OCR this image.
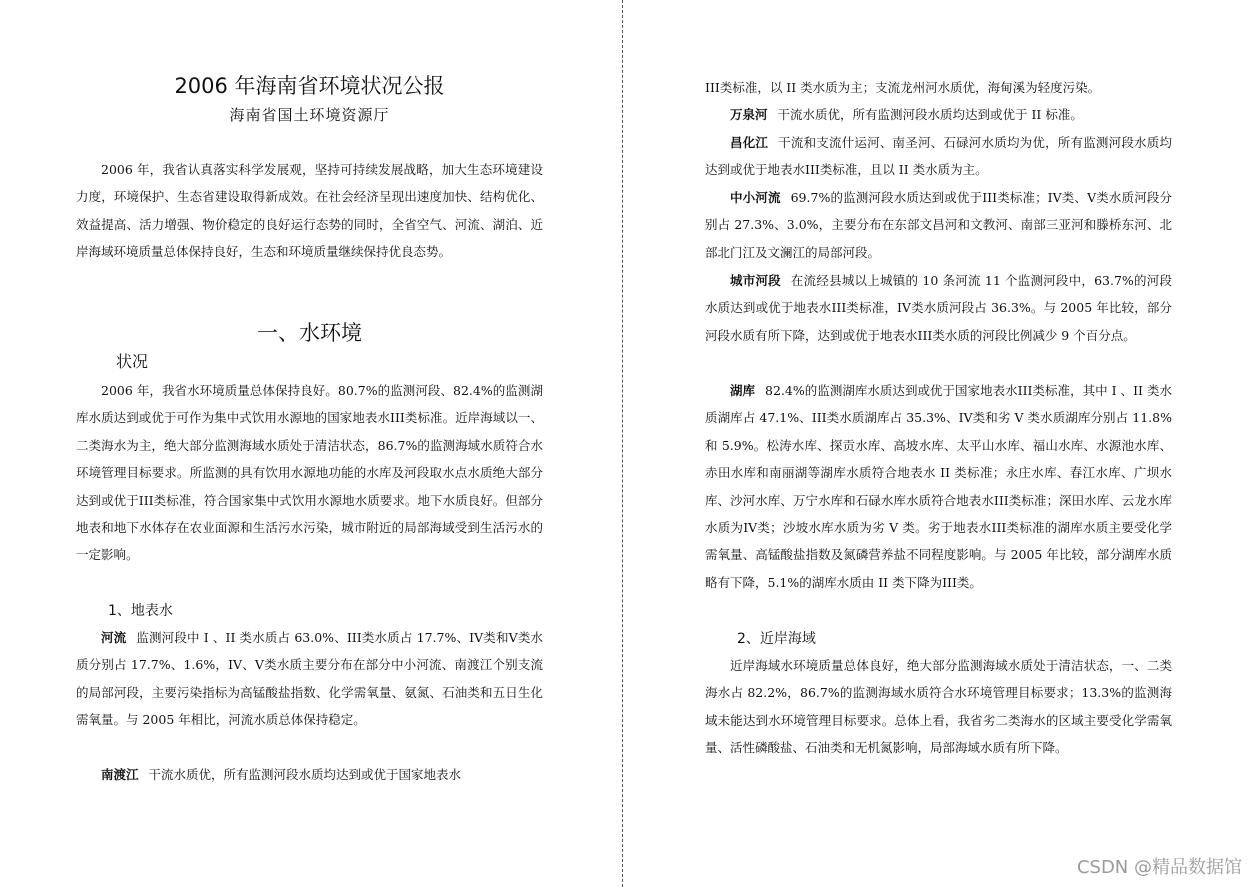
2006 年海南省环境状况公报
海南省国土环境资源厅

2006 年，我省认真落实科学发展观，坚持可持续发展战略，加大生态环境建设力度，环境保护、生态省建设取得新成效。在社会经济呈现出速度加快、结构优化、效益提高、活力增强、物价稳定的良好运行态势的同时，全省空气、河流、湖泊、近岸海域环境质量总体保持良好，生态和环境质量继续保持优良态势。

一、水环境
状况

2006 年，我省水环境质量总体保持良好。80.7%的监测河段、82.4%的监测湖库水质达到或优于可作为集中式饮用水源地的国家地表水III类标准。近岸海域以一、二类海水为主，绝大部分监测海域水质处于清洁状态，86.7%的监测海域水质符合水环境管理目标要求。所监测的具有饮用水源地功能的水库及河段取水点水质绝大部分达到或优于III类标准，符合国家集中式饮用水源地水质要求。地下水质良好。但部分地表和地下水体存在农业面源和生活污水污染，城市附近的局部海域受到生活污水的一定影响。

1、地表水

河流 监测河段中 I 、II 类水质占 63.0%、III类水质占 17.7%、IV类和V类水质分别占 17.7%、1.6%，IV、V类水质主要分布在部分中小河流、南渡江个别支流的局部河段，主要污染指标为高锰酸盐指数、化学需氧量、氨氮、石油类和五日生化需氧量。与 2005 年相比，河流水质总体保持稳定。

南渡江 干流水质优，所有监测河段水质均达到或优于国家地表水

III类标准，以 II 类水质为主；支流龙州河水质优，海甸溪为轻度污染。

万泉河 干流水质优，所有监测河段水质均达到或优于 II 标准。

昌化江 干流和支流什运河、南圣河、石碌河水质均为优，所有监测河段水质均达到或优于地表水III类标准，且以 II 类水质为主。

中小河流 69.7%的监测河段水质达到或优于III类标准；IV类、V类水质河段分别占 27.3%、3.0%，主要分布在东部文昌河和文教河、南部三亚河和滕桥东河、北部北门江及文澜江的局部河段。

城市河段 在流经县城以上城镇的 10 条河流 11 个监测河段中，63.7%的河段水质达到或优于地表水III类标准，IV类水质河段占 36.3%。与 2005 年比较，部分河段水质有所下降，达到或优于地表水III类水质的河段比例减少 9 个百分点。

湖库 82.4%的监测湖库水质达到或优于国家地表水III类标准，其中 I 、II 类水质湖库占 47.1%、III类水质湖库占 35.3%、IV类和劣 V 类水质湖库分别占 11.8%和 5.9%。松涛水库、探贡水库、高坡水库、太平山水库、福山水库、水源池水库、赤田水库和南丽湖等湖库水质符合地表水 II 类标准；永庄水库、春江水库、广坝水库、沙河水库、万宁水库和石碌水库水质符合地表水III类标准；深田水库、云龙水库水质为IV类；沙坡水库水质为劣 V 类。劣于地表水III类标准的湖库水质主要受化学需氧量、高锰酸盐指数及氮磷营养盐不同程度影响。与 2005 年比较，部分湖库水质略有下降，5.1%的湖库水质由 II 类下降为III类。

2、近岸海域

近岸海域水环境质量总体良好，绝大部分监测海域水质处于清洁状态，一、二类海水占 82.2%，86.7%的监测海域水质符合水环境管理目标要求；13.3%的监测海域未能达到水环境管理目标要求。总体上看，我省劣二类海水的区域主要受化学需氧量、活性磷酸盐、石油类和无机氮影响，局部海域水质有所下降。

CSDN @精品数据馆
